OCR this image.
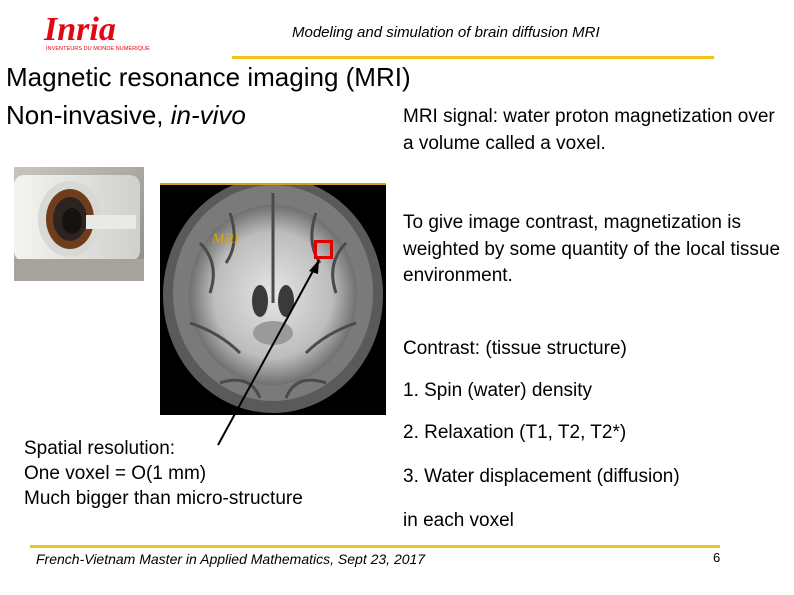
Inria
INVENTEURS DU MONDE NUMÉRIQUE
Modeling and simulation of brain diffusion MRI
Magnetic resonance imaging (MRI)
Non-invasive, in-vivo
MRI
MRI signal: water proton magnetization over a volume called a voxel.
To give image contrast, magnetization is weighted by some quantity of the local tissue environment.
Contrast: (tissue structure)
1. Spin (water) density
2. Relaxation (T1, T2, T2*)
3. Water displacement (diffusion)
in each voxel
Spatial resolution:
One voxel = O(1 mm)
Much bigger than micro-structure
French-Vietnam Master in Applied Mathematics, Sept 23, 2017	6
